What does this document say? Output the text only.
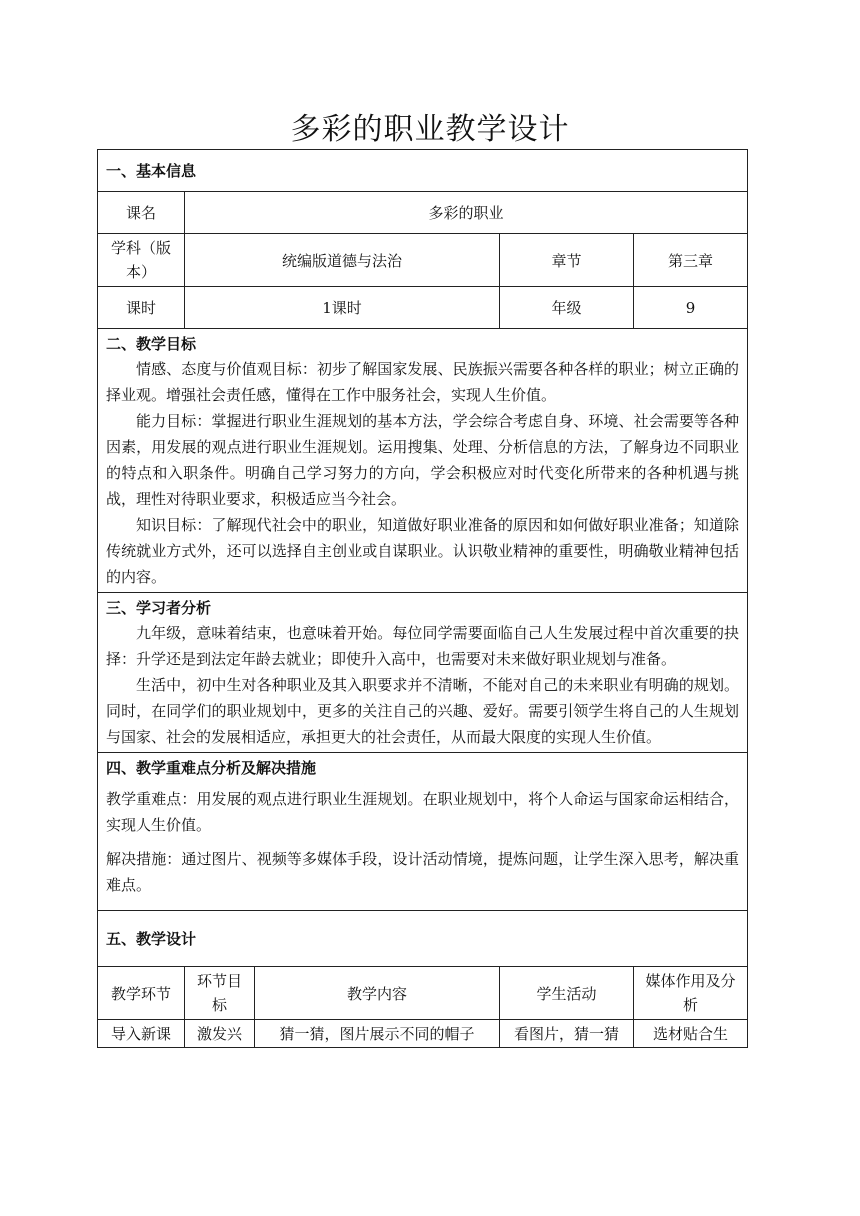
多彩的职业教学设计
一、基本信息				
课名	多彩的职业			
学科（版本）	统编版道德与法治		章节	第三章
课时	1课时		年级	9

二、教学目标

情感、态度与价值观目标：初步了解国家发展、民族振兴需要各种各样的职业；树立正确的择业观。增强社会责任感，懂得在工作中服务社会，实现人生价值。

能力目标：掌握进行职业生涯规划的基本方法，学会综合考虑自身、环境、社会需要等各种因素，用发展的观点进行职业生涯规划。运用搜集、处理、分析信息的方法，了解身边不同职业的特点和入职条件。明确自己学习努力的方向，学会积极应对时代变化所带来的各种机遇与挑战，理性对待职业要求，积极适应当今社会。

知识目标：了解现代社会中的职业，知道做好职业准备的原因和如何做好职业准备；知道除传统就业方式外，还可以选择自主创业或自谋职业。认识敬业精神的重要性，明确敬业精神包括的内容。				

三、学习者分析

九年级，意味着结束，也意味着开始。每位同学需要面临自己人生发展过程中首次重要的抉择：升学还是到法定年龄去就业；即使升入高中，也需要对未来做好职业规划与准备。

生活中，初中生对各种职业及其入职要求并不清晰，不能对自己的未来职业有明确的规划。同时，在同学们的职业规划中，更多的关注自己的兴趣、爱好。需要引领学生将自己的人生规划与国家、社会的发展相适应，承担更大的社会责任，从而最大限度的实现人生价值。				

四、教学重难点分析及解决措施

教学重难点：用发展的观点进行职业生涯规划。在职业规划中，将个人命运与国家命运相结合，实现人生价值。

解决措施：通过图片、视频等多媒体手段，设计活动情境，提炼问题，让学生深入思考，解决重难点。				

五、教学设计				
教学环节	环节目标	教学内容	学生活动	媒体作用及分析
导入新课	激发兴	猜一猜，图片展示不同的帽子	看图片，猜一猜	选材贴合生
